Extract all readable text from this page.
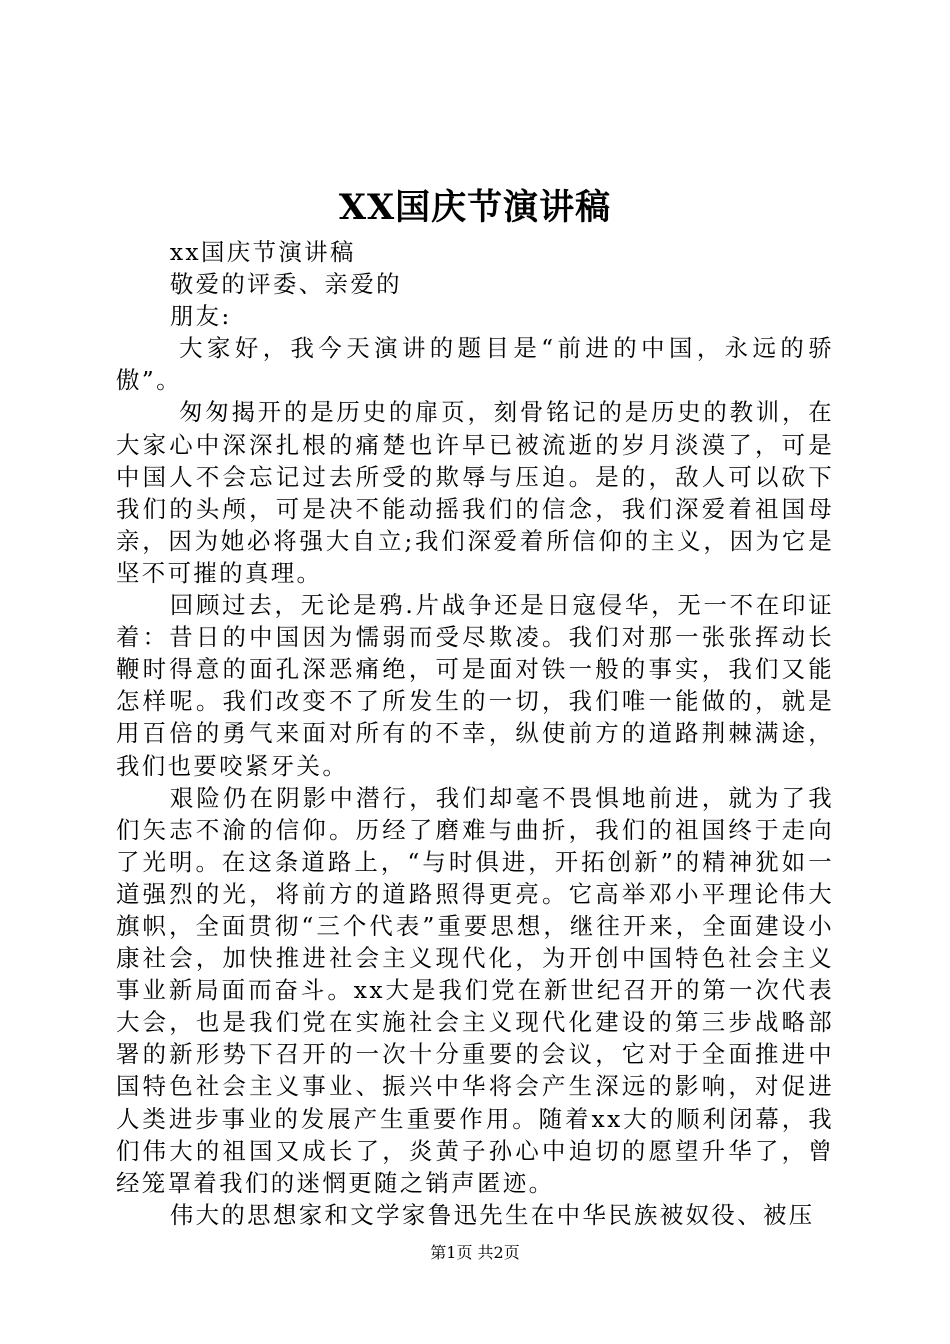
XX国庆节演讲稿

xx国庆节演讲稿

敬爱的评委、亲爱的

朋友:

大家好，我今天演讲的题目是“前进的中国，永远的骄傲”。

匆匆揭开的是历史的扉页，刻骨铭记的是历史的教训，在大家心中深深扎根的痛楚也许早已被流逝的岁月淡漠了，可是中国人不会忘记过去所受的欺辱与压迫。是的，敌人可以砍下我们的头颅，可是决不能动摇我们的信念，我们深爱着祖国母亲，因为她必将强大自立;我们深爱着所信仰的主义，因为它是坚不可摧的真理。

回顾过去，无论是鸦.片战争还是日寇侵华，无一不在印证着：昔日的中国因为懦弱而受尽欺凌。我们对那一张张挥动长鞭时得意的面孔深恶痛绝，可是面对铁一般的事实，我们又能怎样呢。我们改变不了所发生的一切，我们唯一能做的，就是用百倍的勇气来面对所有的不幸，纵使前方的道路荆棘满途，我们也要咬紧牙关。

艰险仍在阴影中潜行，我们却毫不畏惧地前进，就为了我们矢志不渝的信仰。历经了磨难与曲折，我们的祖国终于走向了光明。在这条道路上，“与时俱进，开拓创新”的精神犹如一道强烈的光，将前方的道路照得更亮。它高举邓小平理论伟大旗帜，全面贯彻“三个代表”重要思想，继往开来，全面建设小康社会，加快推进社会主义现代化，为开创中国特色社会主义事业新局面而奋斗。xx大是我们党在新世纪召开的第一次代表大会，也是我们党在实施社会主义现代化建设的第三步战略部署的新形势下召开的一次十分重要的会议，它对于全面推进中国特色社会主义事业、振兴中华将会产生深远的影响，对促进人类进步事业的发展产生重要作用。随着xx大的顺利闭幕，我们伟大的祖国又成长了，炎黄子孙心中迫切的愿望升华了，曾经笼罩着我们的迷惘更随之销声匿迹。

伟大的思想家和文学家鲁迅先生在中华民族被奴役、被压

第1页 共2页
